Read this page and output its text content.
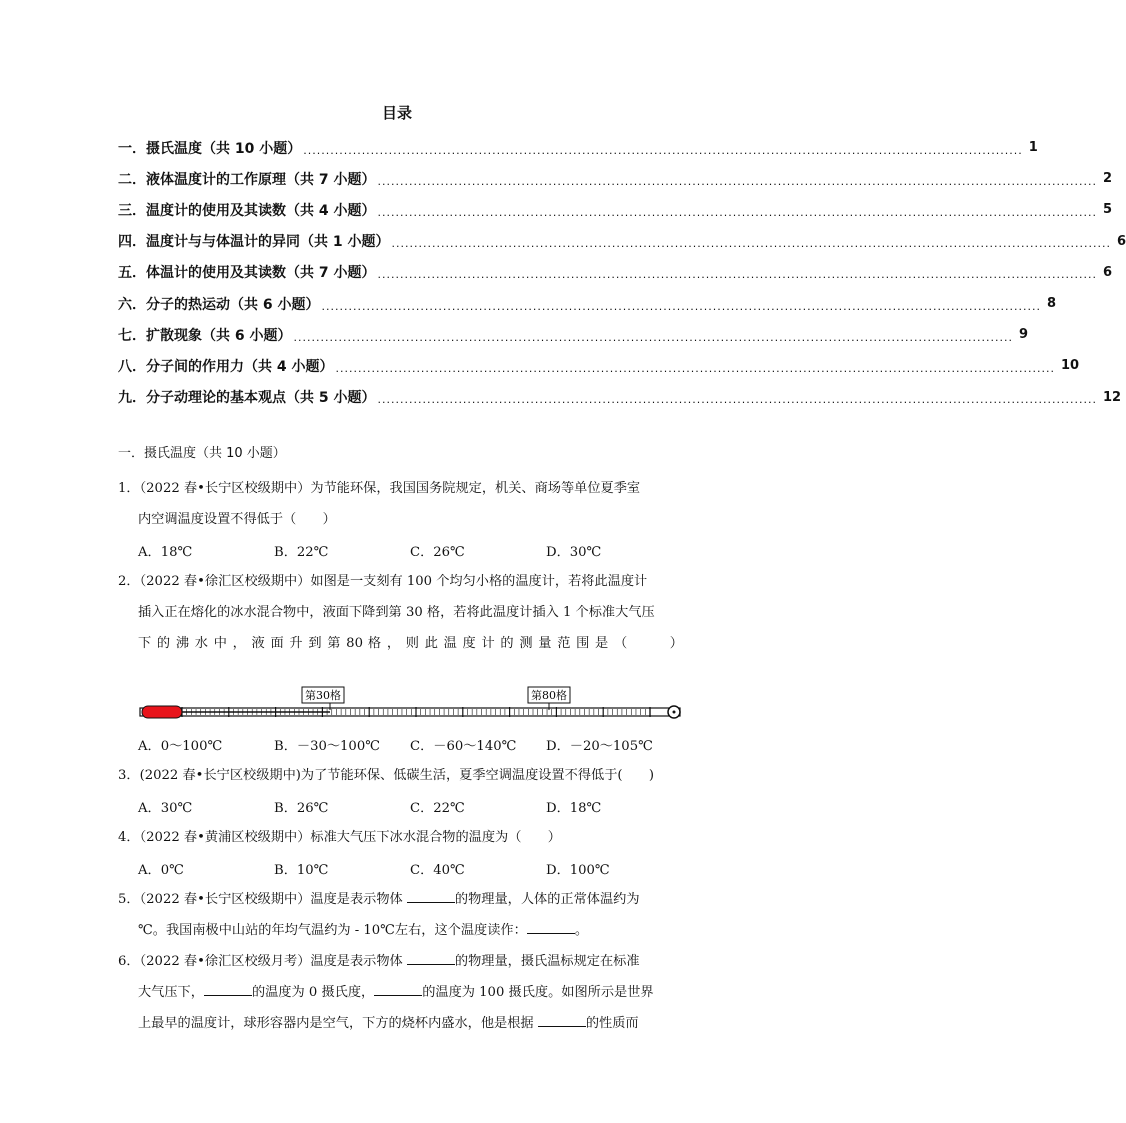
目录
一． 摄氏温度（共 10 小题） ................................................................................................................................................................ 1
二． 液体温度计的工作原理（共 7 小题） ................................................................................................................................................................ 2
三． 温度计的使用及其读数（共 4 小题） ................................................................................................................................................................ 5
四． 温度计与与体温计的异同（共 1 小题） ................................................................................................................................................................ 6
五． 体温计的使用及其读数（共 7 小题） ................................................................................................................................................................ 6
六． 分子的热运动（共 6 小题） ................................................................................................................................................................ 8
七． 扩散现象（共 6 小题） ................................................................................................................................................................ 9
八． 分子间的作用力（共 4 小题） ................................................................................................................................................................ 10
九． 分子动理论的基本观点（共 5 小题） ................................................................................................................................................................ 12
一．摄氏温度（共 10 小题）
1．（2022 春•长宁区校级期中）为节能环保，我国国务院规定，机关、商场等单位夏季室
内空调温度设置不得低于（　　）
A．18℃	B．22℃	C．26℃	D．30℃
2．（2022 春•徐汇区校级期中）如图是一支刻有 100 个均匀小格的温度计，若将此温度计
插入正在熔化的冰水混合物中，液面下降到第 30 格，若将此温度计插入 1 个标准大气压
下 的 沸 水 中 ， 液 面 升 到 第 80 格 ， 则 此 温 度 计 的 测 量 范 围 是 （　　　）
第30格	第80格
A．0～100℃	B．－30～100℃	C．－60～140℃	D．－20～105℃
3．(2022 春•长宁区校级期中)为了节能环保、低碳生活，夏季空调温度设置不得低于(　　)
A．30℃	B．26℃	C．22℃	D．18℃
4．（2022 春•黄浦区校级期中）标准大气压下冰水混合物的温度为（　　）
A．0℃	B．10℃	C．40℃	D．100℃
5．（2022 春•长宁区校级期中）温度是表示物体	的物理量，人体的正常体温约为
℃。我国南极中山站的年均气温约为 - 10℃左右，这个温度读作：	。
6．（2022 春•徐汇区校级月考）温度是表示物体	的物理量，摄氏温标规定在标准
大气压下，	的温度为 0 摄氏度，	的温度为 100 摄氏度。如图所示是世界
上最早的温度计，球形容器内是空气，下方的烧杯内盛水，他是根据	的性质而
